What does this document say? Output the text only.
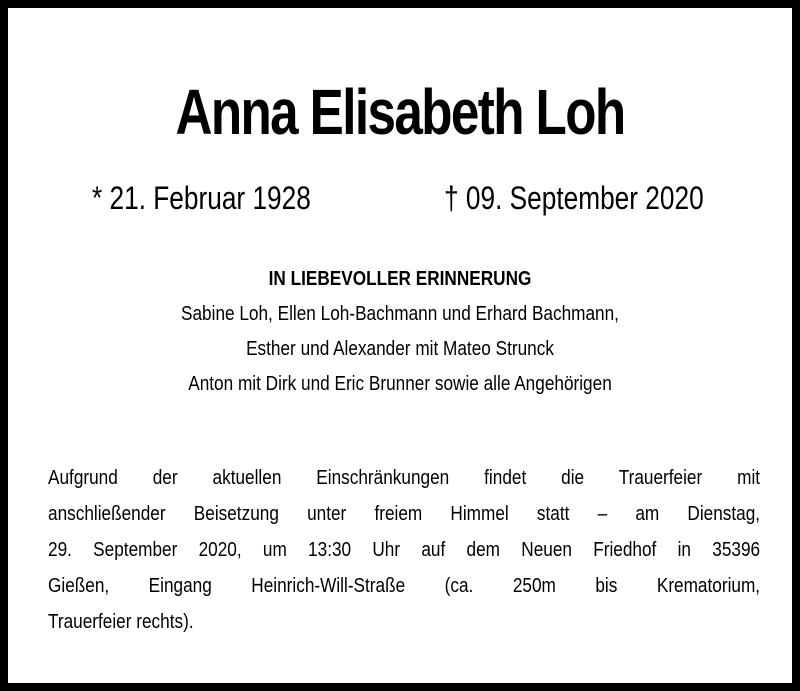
Anna Elisabeth Loh
* 21. Februar 1928	† 09. September 2020
IN LIEBEVOLLER ERINNERUNG
Sabine Loh, Ellen Loh-Bachmann und Erhard Bachmann,
Esther und Alexander mit Mateo Strunck
Anton mit Dirk und Eric Brunner sowie alle Angehörigen
Aufgrund der aktuellen Einschränkungen findet die Trauerfeier mit
anschließender Beisetzung unter freiem Himmel statt – am Dienstag,
29. September 2020, um 13:30 Uhr auf dem Neuen Friedhof in 35396
Gießen, Eingang Heinrich-Will-Straße (ca. 250m bis Krematorium,
Trauerfeier rechts).
